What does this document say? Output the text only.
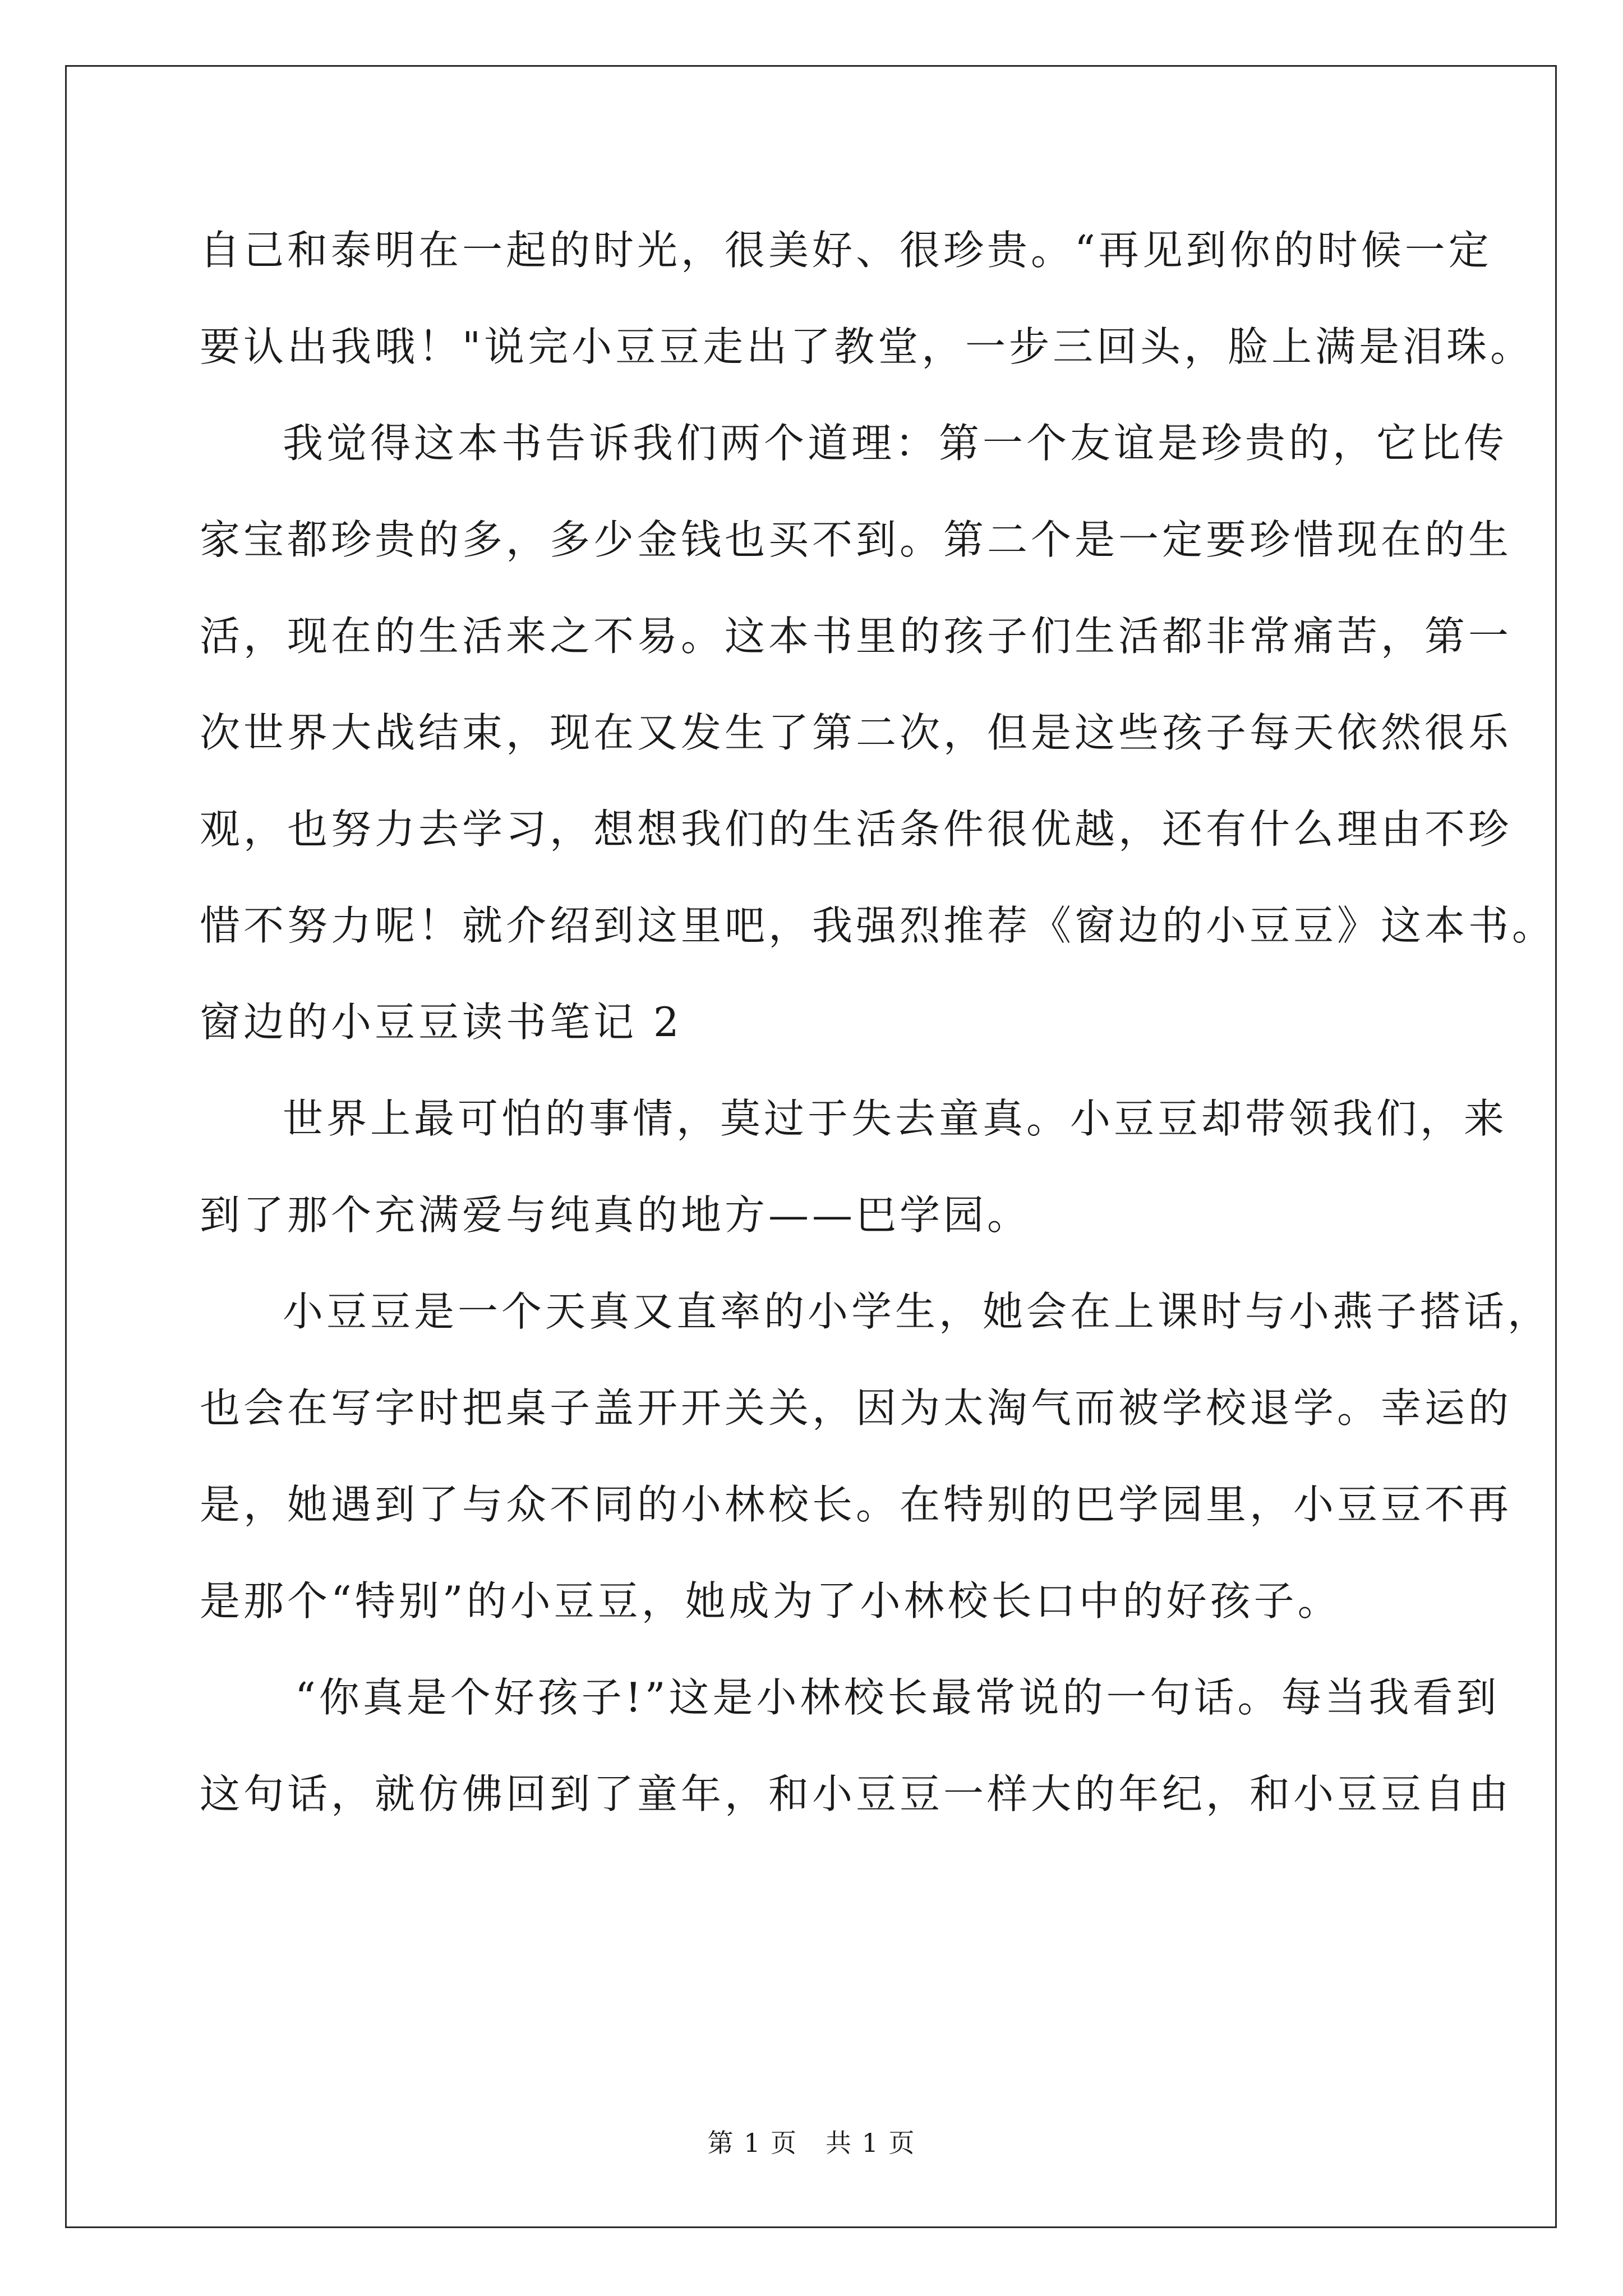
自己和泰明在一起的时光，很美好、很珍贵。“再见到你的时候一定
要认出我哦！"说完小豆豆走出了教堂，一步三回头，脸上满是泪珠。
我觉得这本书告诉我们两个道理：第一个友谊是珍贵的，它比传
家宝都珍贵的多，多少金钱也买不到。第二个是一定要珍惜现在的生
活，现在的生活来之不易。这本书里的孩子们生活都非常痛苦，第一
次世界大战结束，现在又发生了第二次，但是这些孩子每天依然很乐
观，也努力去学习，想想我们的生活条件很优越，还有什么理由不珍
惜不努力呢！就介绍到这里吧，我强烈推荐《窗边的小豆豆》这本书。
窗边的小豆豆读书笔记 2
世界上最可怕的事情，莫过于失去童真。小豆豆却带领我们，来
到了那个充满爱与纯真的地方——巴学园。
小豆豆是一个天真又直率的小学生，她会在上课时与小燕子搭话，
也会在写字时把桌子盖开开关关，因为太淘气而被学校退学。幸运的
是，她遇到了与众不同的小林校长。在特别的巴学园里，小豆豆不再
是那个“特别”的小豆豆，她成为了小林校长口中的好孩子。
“你真是个好孩子!”这是小林校长最常说的一句话。每当我看到
这句话，就仿佛回到了童年，和小豆豆一样大的年纪，和小豆豆自由
第 1 页 共 1 页
